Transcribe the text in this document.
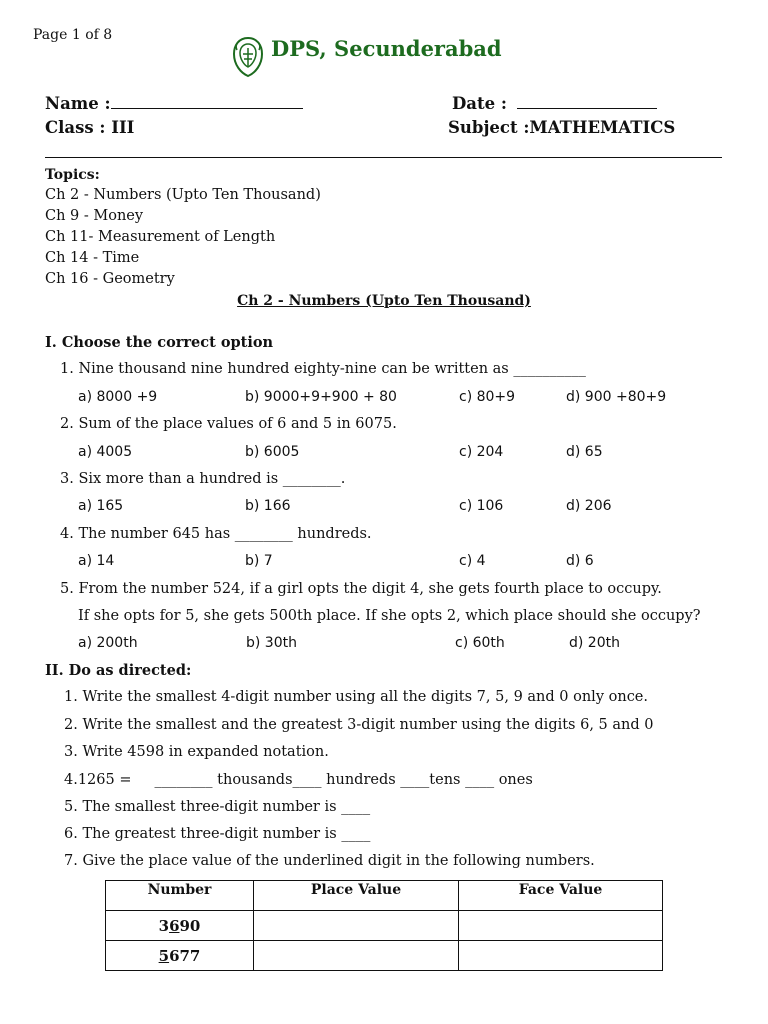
Page 1 of 8
DPS, Secunderabad
Name :	Date :
Class : III	Subject :MATHEMATICS
Topics:
Ch 2 - Numbers (Upto Ten Thousand)
Ch 9 - Money
Ch 11- Measurement of Length
Ch 14 - Time
Ch 16 - Geometry
Ch 2 - Numbers (Upto Ten Thousand)
I. Choose the correct option
1. Nine thousand nine hundred eighty-nine can be written as __________
a) 8000 +9	b) 9000+9+900 + 80	c) 80+9	d) 900 +80+9
2. Sum of the place values of 6 and 5 in 6075.
a) 4005	b) 6005	c) 204	d) 65
3. Six more than a hundred is ________.
a) 165	b) 166	c) 106	d) 206
4. The number 645 has ________ hundreds.
a) 14	b) 7	c) 4	d) 6
5. From the number 524, if a girl opts the digit 4, she gets fourth place to occupy.
If she opts for 5, she gets 500th place. If she opts 2, which place should she occupy?
a) 200th	b) 30th	c) 60th	d) 20th
II. Do as directed:
1. Write the smallest 4-digit number using all the digits 7, 5, 9 and 0 only once.
2. Write the smallest and the greatest 3-digit number using the digits 6, 5 and 0
3. Write 4598 in expanded notation.
4.1265 =     ________ thousands____ hundreds ____tens ____ ones
5. The smallest three-digit number is ____
6. The greatest three-digit number is ____
7. Give the place value of the underlined digit in the following numbers.
Number	Place Value	Face Value
3690		
5677		
